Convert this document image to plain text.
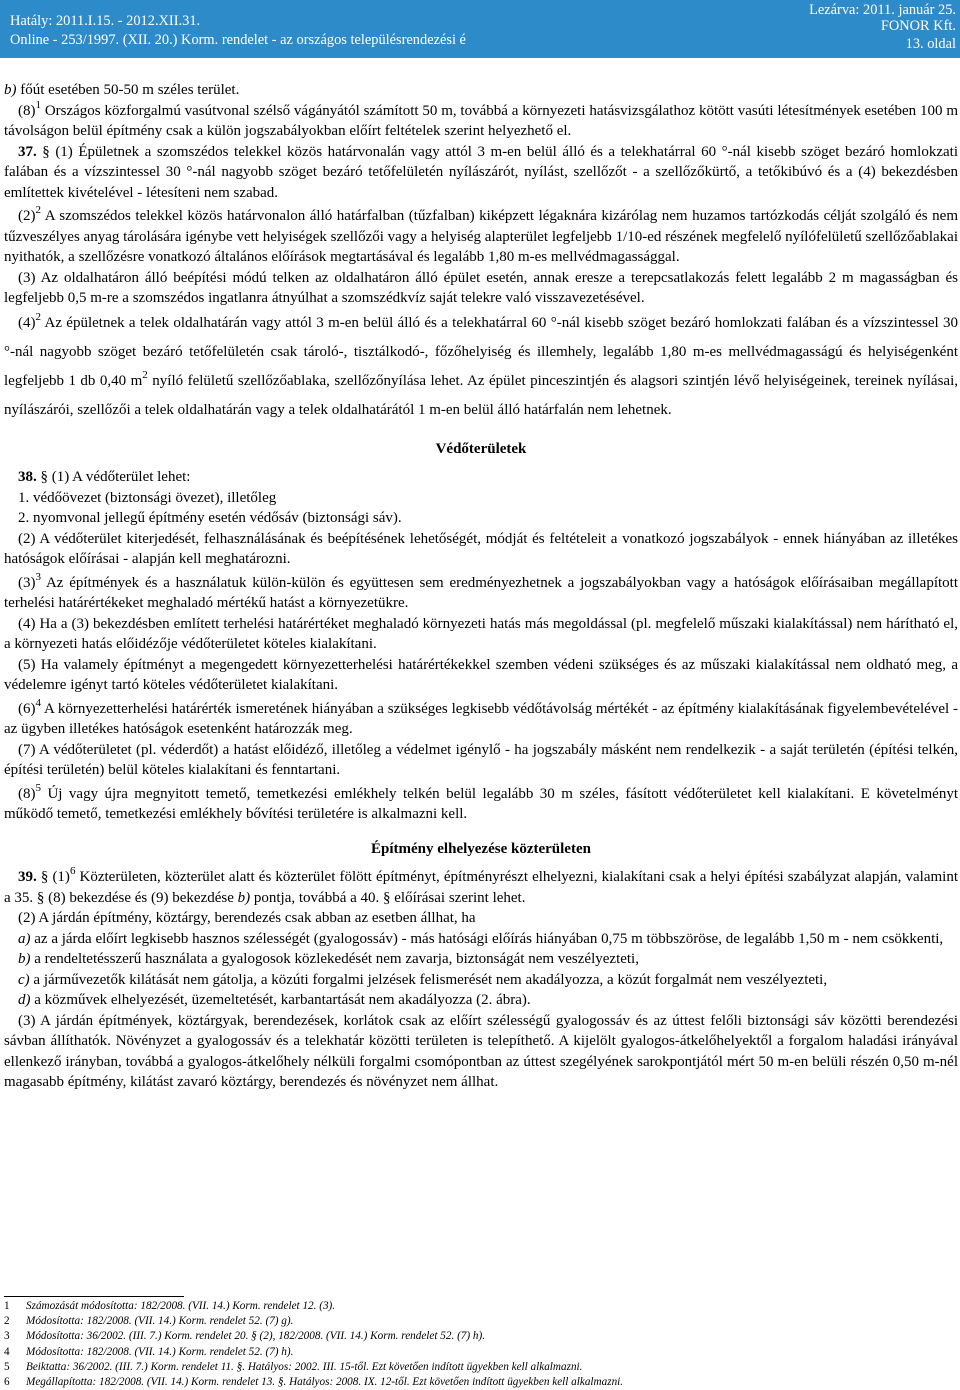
Hatály: 2011.I.15. - 2012.XII.31.
Online - 253/1997. (XII. 20.) Korm. rendelet - az országos településrendezési é
Lezárva: 2011. január 25.
FONOR Kft.
13. oldal

b) főút esetében 50-50 m széles terület.

$(8)^1$ Országos közforgalmú vasútvonal szélső vágányától számított 50 m, továbbá a környezeti hatásvizsgálathoz kötött vasúti létesítmények esetében 100 m távolságon belül építmény csak a külön jogszabályokban előírt feltételek szerint helyezhető el.

37. § (1) Épületnek a szomszédos telekkel közös határvonalán vagy attól 3 m-en belül álló és a telekhatárral 60 °-nál kisebb szöget bezáró homlokzati falában és a vízszintessel 30 °-nál nagyobb szöget bezáró tetőfelületén nyílászárót, nyílást, szellőzőt - a szellőzőkürtő, a tetőkibúvó és a (4) bekezdésben említettek kivételével - létesíteni nem szabad.

$(2)^2$ A szomszédos telekkel közös határvonalon álló határfalban (tűzfalban) kiképzett légaknára kizárólag nem huzamos tartózkodás célját szolgáló és nem tűzveszélyes anyag tárolására igénybe vett helyiségek szellőzői vagy a helyiség alapterület legfeljebb 1/10-ed részének megfelelő nyílófelületű szellőzőablakai nyithatók, a szellőzésre vonatkozó általános előírások megtartásával és legalább 1,80 m-es mellvédmagassággal.

(3) Az oldalhatáron álló beépítési módú telken az oldalhatáron álló épület esetén, annak eresze a terepcsatlakozás felett legalább 2 m magasságban és legfeljebb 0,5 m-re a szomszédos ingatlanra átnyúlhat a szomszédkvíz saját telekre való visszavezetésével.

$(4)^2$ Az épületnek a telek oldalhatárán vagy attól 3 m-en belül álló és a telekhatárral 60 °-nál kisebb szöget bezáró homlokzati falában és a vízszintessel 30 °-nál nagyobb szöget bezáró tetőfelületén csak tároló-, tisztálkodó-, főzőhelyiség és illemhely, legalább 1,80 m-es mellvédmagasságú és helyiségenként legfeljebb 1 db 0,40 $m^2$ nyíló felületű szellőzőablaka, szellőzőnyílása lehet. Az épület pinceszintjén és alagsori szintjén lévő helyiségeinek, tereinek nyílásai, nyílászárói, szellőzői a telek oldalhatárán vagy a telek oldalhatárától 1 m-en belül álló határfalán nem lehetnek.

Védőterületek

38. § (1) A védőterület lehet:

1. védőövezet (biztonsági övezet), illetőleg

2. nyomvonal jellegű építmény esetén védősáv (biztonsági sáv).

(2) A védőterület kiterjedését, felhasználásának és beépítésének lehetőségét, módját és feltételeit a vonatkozó jogszabályok - ennek hiányában az illetékes hatóságok előírásai - alapján kell meghatározni.

$(3)^3$ Az építmények és a használatuk külön-külön és együttesen sem eredményezhetnek a jogszabályokban vagy a hatóságok előírásaiban megállapított terhelési határértékeket meghaladó mértékű hatást a környezetükre.

(4) Ha a (3) bekezdésben említett terhelési határértéket meghaladó környezeti hatás más megoldással (pl. megfelelő műszaki kialakítással) nem hárítható el, a környezeti hatás előidézője védőterületet köteles kialakítani.

(5) Ha valamely építményt a megengedett környezetterhelési határértékekkel szemben védeni szükséges és az műszaki kialakítással nem oldható meg, a védelemre igényt tartó köteles védőterületet kialakítani.

$(6)^4$ A környezetterhelési határérték ismeretének hiányában a szükséges legkisebb védőtávolság mértékét - az építmény kialakításának figyelembevételével - az ügyben illetékes hatóságok esetenként határozzák meg.

(7) A védőterületet (pl. véderdőt) a hatást előidéző, illetőleg a védelmet igénylő - ha jogszabály másként nem rendelkezik - a saját területén (építési telkén, építési területén) belül köteles kialakítani és fenntartani.

$(8)^5$ Új vagy újra megnyitott temető, temetkezési emlékhely telkén belül legalább 30 m széles, fásított védőterületet kell kialakítani. E követelményt működő temető, temetkezési emlékhely bővítési területére is alkalmazni kell.

Építmény elhelyezése közterületen

39. § $(1)^6$ Közterületen, közterület alatt és közterület fölött építményt, építményrészt elhelyezni, kialakítani csak a helyi építési szabályzat alapján, valamint a 35. § (8) bekezdése és (9) bekezdése b) pontja, továbbá a 40. § előírásai szerint lehet.

(2) A járdán építmény, köztárgy, berendezés csak abban az esetben állhat, ha

a) az a járda előírt legkisebb hasznos szélességét (gyalogossáv) - más hatósági előírás hiányában 0,75 m többszöröse, de legalább 1,50 m - nem csökkenti,

b) a rendeltetésszerű használata a gyalogosok közlekedését nem zavarja, biztonságát nem veszélyezteti,

c) a járművezetők kilátását nem gátolja, a közúti forgalmi jelzések felismerését nem akadályozza, a közút forgalmát nem veszélyezteti,

d) a közművek elhelyezését, üzemeltetését, karbantartását nem akadályozza (2. ábra).

(3) A járdán építmények, köztárgyak, berendezések, korlátok csak az előírt szélességű gyalogossáv és az úttest felőli biztonsági sáv közötti berendezési sávban állíthatók. Növényzet a gyalogossáv és a telekhatár közötti területen is telepíthető. A kijelölt gyalogos-átkelőhelyektől a forgalom haladási irányával ellenkező irányban, továbbá a gyalogos-átkelőhely nélküli forgalmi csomópontban az úttest szegélyének sarokpontjától mért 50 m-en belüli részén 0,50 m-nél magasabb építmény, kilátást zavaró köztárgy, berendezés és növényzet nem állhat.

1 Számozását módosította: 182/2008. (VII. 14.) Korm. rendelet 12. (3).
2 Módosította: 182/2008. (VII. 14.) Korm. rendelet 52. (7) g).
3 Módosította: 36/2002. (III. 7.) Korm. rendelet 20. § (2), 182/2008. (VII. 14.) Korm. rendelet 52. (7) h).
4 Módosította: 182/2008. (VII. 14.) Korm. rendelet 52. (7) h).
5 Beiktatta: 36/2002. (III. 7.) Korm. rendelet 11. §. Hatályos: 2002. III. 15-től. Ezt követően indított ügyekben kell alkalmazni.
6 Megállapította: 182/2008. (VII. 14.) Korm. rendelet 13. §. Hatályos: 2008. IX. 12-től. Ezt követően indított ügyekben kell alkalmazni.
